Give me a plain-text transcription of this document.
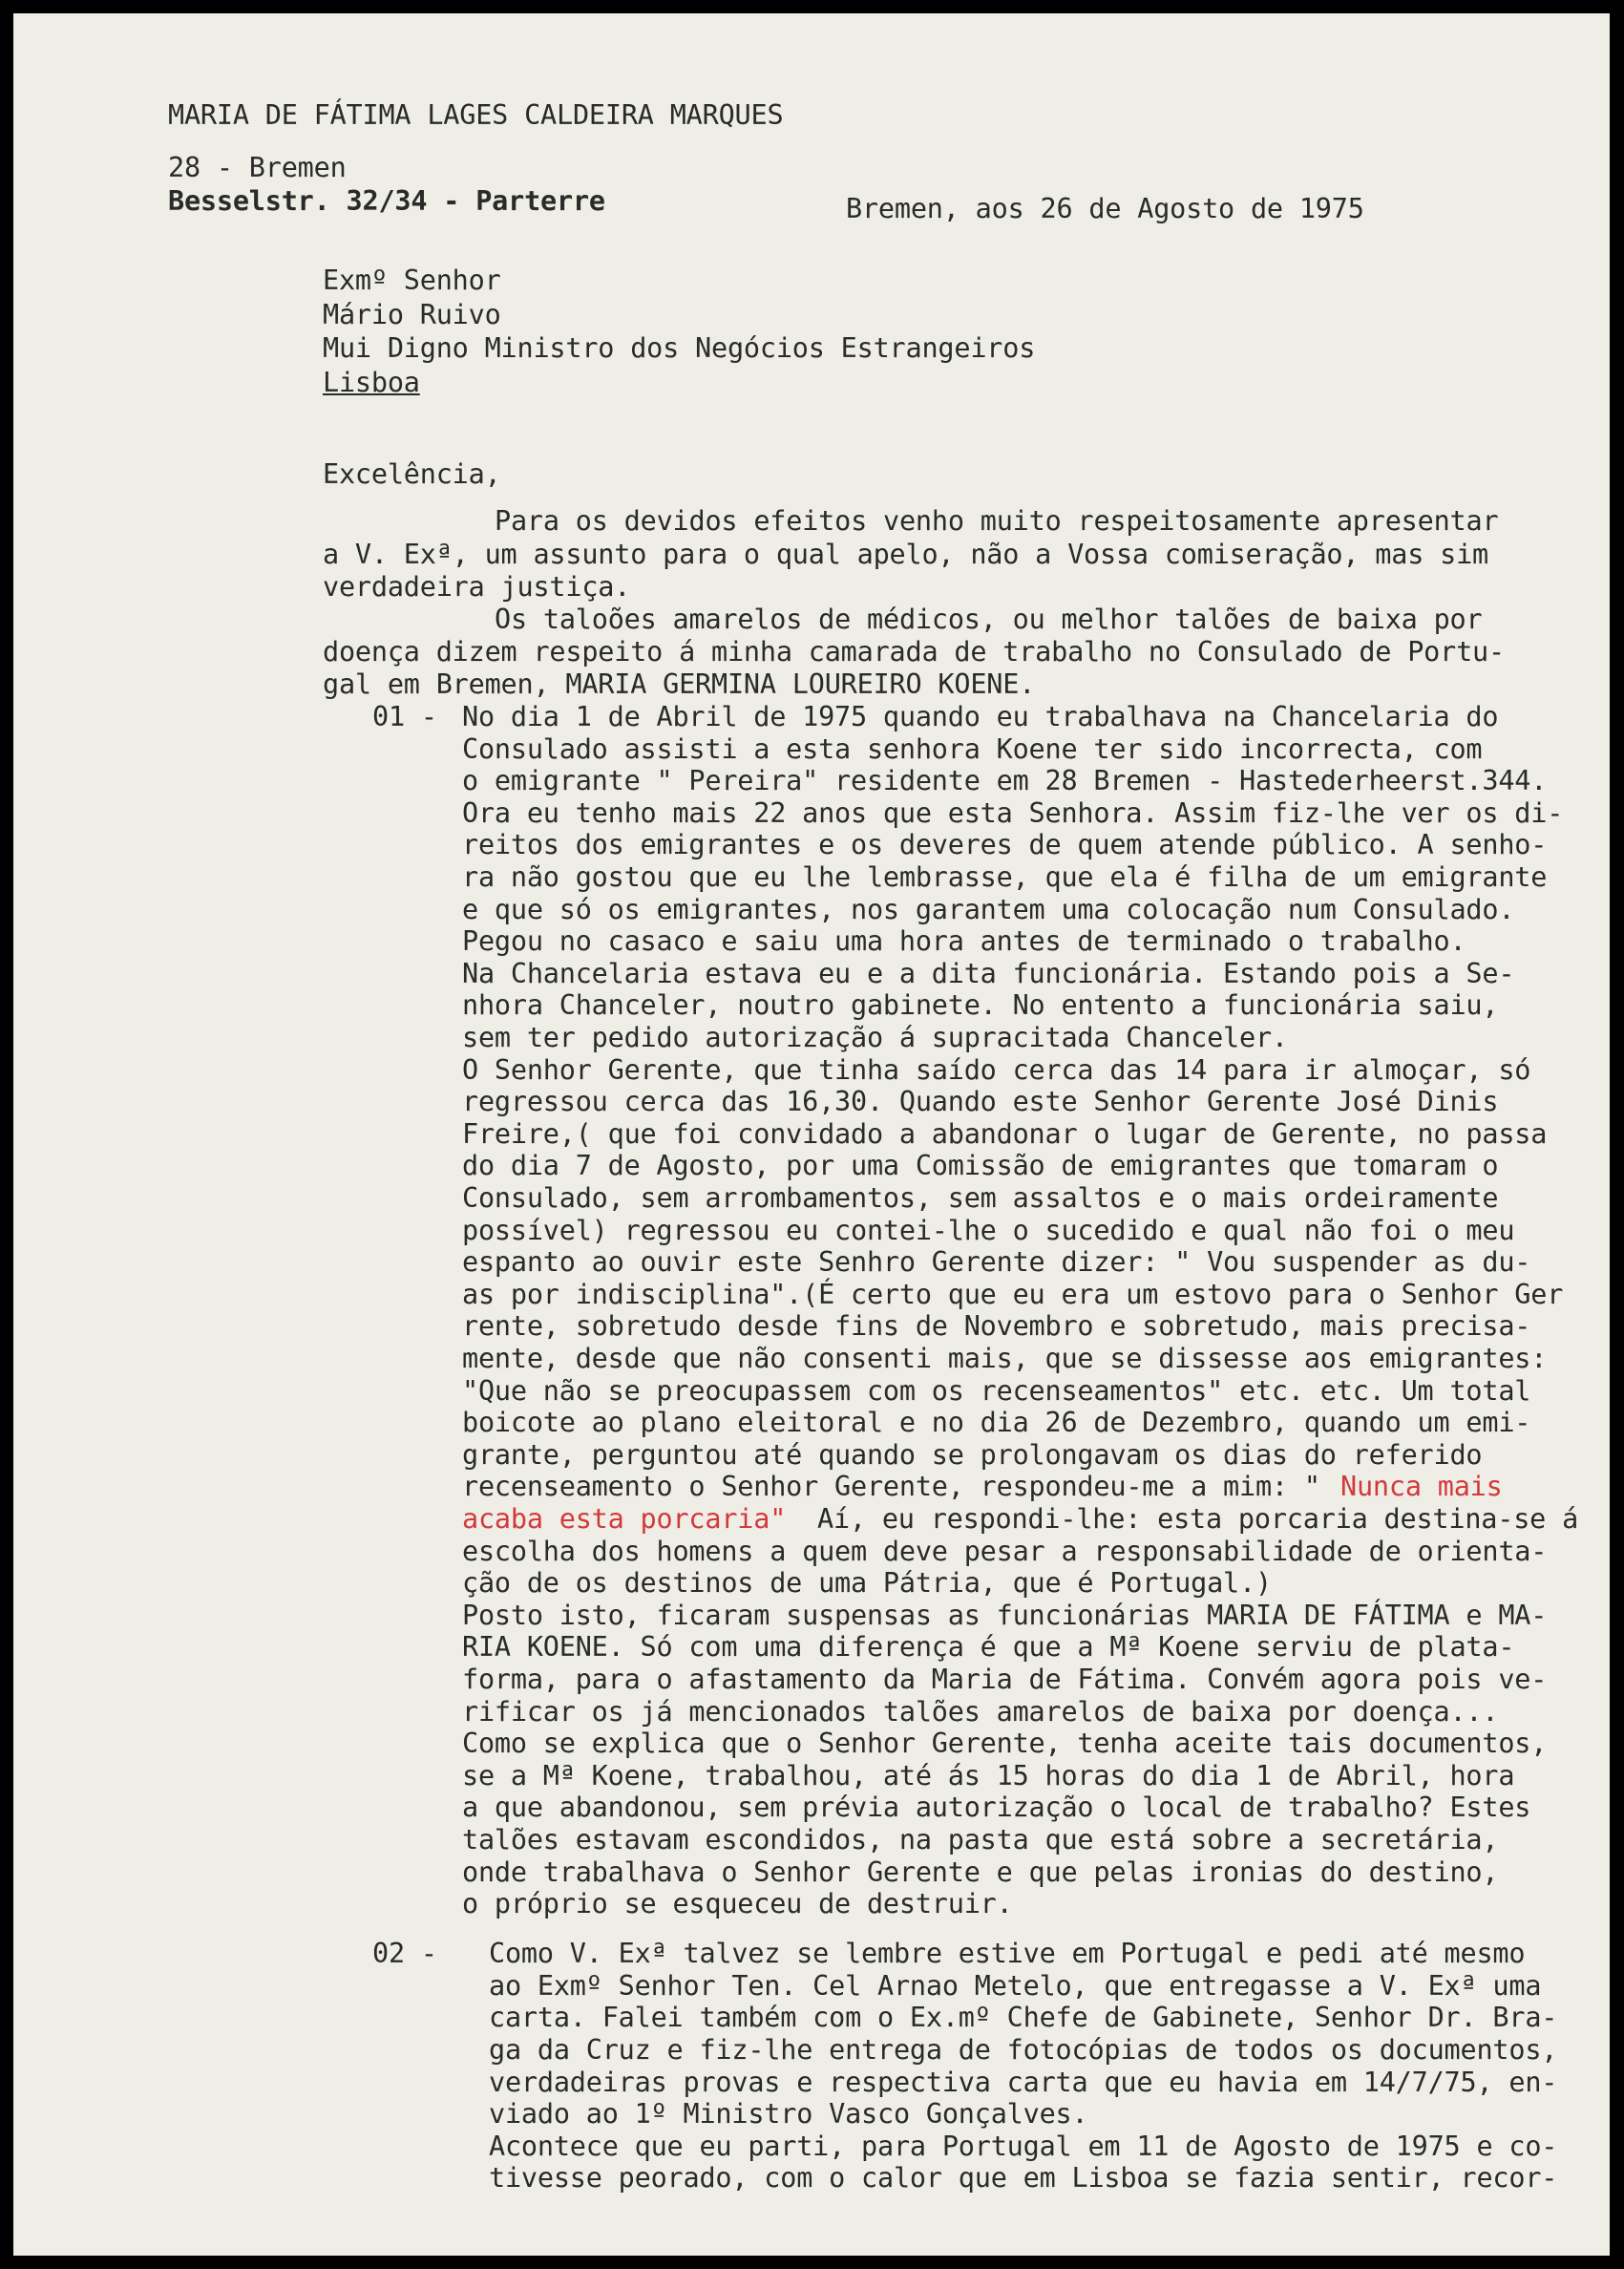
MARIA DE FÁTIMA LAGES CALDEIRA MARQUES
28 - Bremen
Besselstr. 32/34 - Parterre	Bremen, aos 26 de Agosto de 1975
Exmº Senhor
Mário Ruivo
Mui Digno Ministro dos Negócios Estrangeiros
Lisboa
Excelência,
Para os devidos efeitos venho muito respeitosamente apresentar
a V. Exª, um assunto para o qual apelo, não a Vossa comiseração, mas sim
verdadeira justiça.
Os taloões amarelos de médicos, ou melhor talões de baixa por
doença dizem respeito á minha camarada de trabalho no Consulado de Portu-
gal em Bremen, MARIA GERMINA LOUREIRO KOENE.
01 -
Nunca mais
acaba esta porcaria" Aí, eu respondi-lhe: esta porcaria destina-se á
02 -
No dia 1 de Abril de 1975 quando eu trabalhava na Chancelaria do
Consulado assisti a esta senhora Koene ter sido incorrecta, com
o emigrante " Pereira" residente em 28 Bremen - Hastederheerst.344.
Ora eu tenho mais 22 anos que esta Senhora. Assim fiz-lhe ver os di-
reitos dos emigrantes e os deveres de quem atende público. A senho-
ra não gostou que eu lhe lembrasse, que ela é filha de um emigrante
e que só os emigrantes, nos garantem uma colocação num Consulado.
Pegou no casaco e saiu uma hora antes de terminado o trabalho.
Na Chancelaria estava eu e a dita funcionária. Estando pois a Se-
nhora Chanceler, noutro gabinete. No entento a funcionária saiu,
sem ter pedido autorização á supracitada Chanceler.
O Senhor Gerente, que tinha saído cerca das 14 para ir almoçar, só
regressou cerca das 16,30. Quando este Senhor Gerente José Dinis
Freire,( que foi convidado a abandonar o lugar de Gerente, no passa
do dia 7 de Agosto, por uma Comissão de emigrantes que tomaram o
Consulado, sem arrombamentos, sem assaltos e o mais ordeiramente
possível) regressou eu contei-lhe o sucedido e qual não foi o meu
espanto ao ouvir este Senhro Gerente dizer: " Vou suspender as du-
as por indisciplina".(É certo que eu era um estovo para o Senhor Ger
rente, sobretudo desde fins de Novembro e sobretudo, mais precisa-
mente, desde que não consenti mais, que se dissesse aos emigrantes:
"Que não se preocupassem com os recenseamentos" etc. etc. Um total
boicote ao plano eleitoral e no dia 26 de Dezembro, quando um emi-
grante, perguntou até quando se prolongavam os dias do referido
recenseamento o Senhor Gerente, respondeu-me a mim: "
escolha dos homens a quem deve pesar a responsabilidade de orienta-
ção de os destinos de uma Pátria, que é Portugal.)
Posto isto, ficaram suspensas as funcionárias MARIA DE FÁTIMA e MA-
RIA KOENE. Só com uma diferença é que a Mª Koene serviu de plata-
forma, para o afastamento da Maria de Fátima. Convém agora pois ve-
rificar os já mencionados talões amarelos de baixa por doença...
Como se explica que o Senhor Gerente, tenha aceite tais documentos,
se a Mª Koene, trabalhou, até ás 15 horas do dia 1 de Abril, hora
a que abandonou, sem prévia autorização o local de trabalho? Estes
talões estavam escondidos, na pasta que está sobre a secretária,
onde trabalhava o Senhor Gerente e que pelas ironias do destino,
o próprio se esqueceu de destruir.
Como V. Exª talvez se lembre estive em Portugal e pedi até mesmo
ao Exmº Senhor Ten. Cel Arnao Metelo, que entregasse a V. Exª uma
carta. Falei também com o Ex.mº Chefe de Gabinete, Senhor Dr. Bra-
ga da Cruz e fiz-lhe entrega de fotocópias de todos os documentos,
verdadeiras provas e respectiva carta que eu havia em 14/7/75, en-
viado ao 1º Ministro Vasco Gonçalves.
Acontece que eu parti, para Portugal em 11 de Agosto de 1975 e co-
tivesse peorado, com o calor que em Lisboa se fazia sentir, recor-
